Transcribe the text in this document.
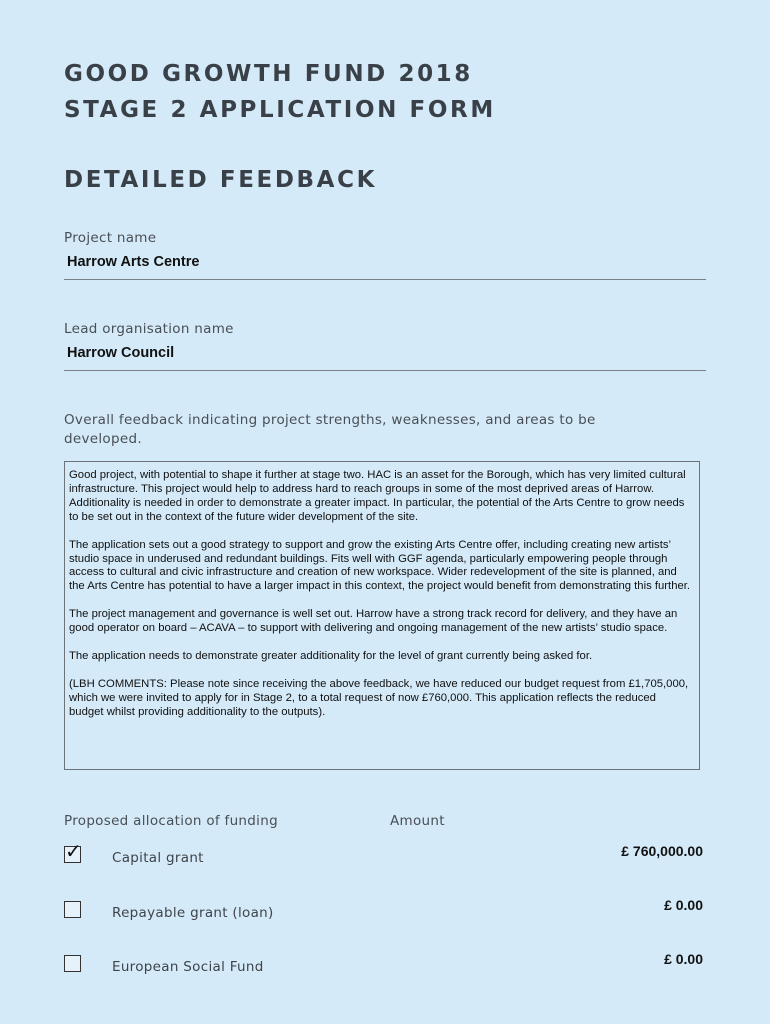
GOOD GROWTH FUND 2018
STAGE 2 APPLICATION FORM
DETAILED FEEDBACK
Project name
Harrow Arts Centre
Lead organisation name
Harrow Council
Overall feedback indicating project strengths, weaknesses, and areas to be developed.

Good project, with potential to shape it further at stage two. HAC is an asset for the Borough, which has very limited cultural infrastructure. This project would help to address hard to reach groups in some of the most deprived areas of Harrow. Additionality is needed in order to demonstrate a greater impact. In particular, the potential of the Arts Centre to grow needs to be set out in the context of the future wider development of the site.

The application sets out a good strategy to support and grow the existing Arts Centre offer, including creating new artists’ studio space in underused and redundant buildings. Fits well with GGF agenda, particularly empowering people through access to cultural and civic infrastructure and creation of new workspace. Wider redevelopment of the site is planned, and the Arts Centre has potential to have a larger impact in this context, the project would benefit from demonstrating this further.

The project management and governance is well set out. Harrow have a strong track record for delivery, and they have an good operator on board – ACAVA – to support with delivering and ongoing management of the new artists’ studio space.

The application needs to demonstrate greater additionality for the level of grant currently being asked for.

(LBH COMMENTS: Please note since receiving the above feedback, we have reduced our budget request from £1,705,000, which we were invited to apply for in Stage 2, to a total request of now £760,000. This application reflects the reduced budget whilst providing additionality to the outputs).

Proposed allocation of funding	Amount
✓ Capital grant	£ 760,000.00
Repayable grant (loan)	£ 0.00
European Social Fund	£ 0.00
